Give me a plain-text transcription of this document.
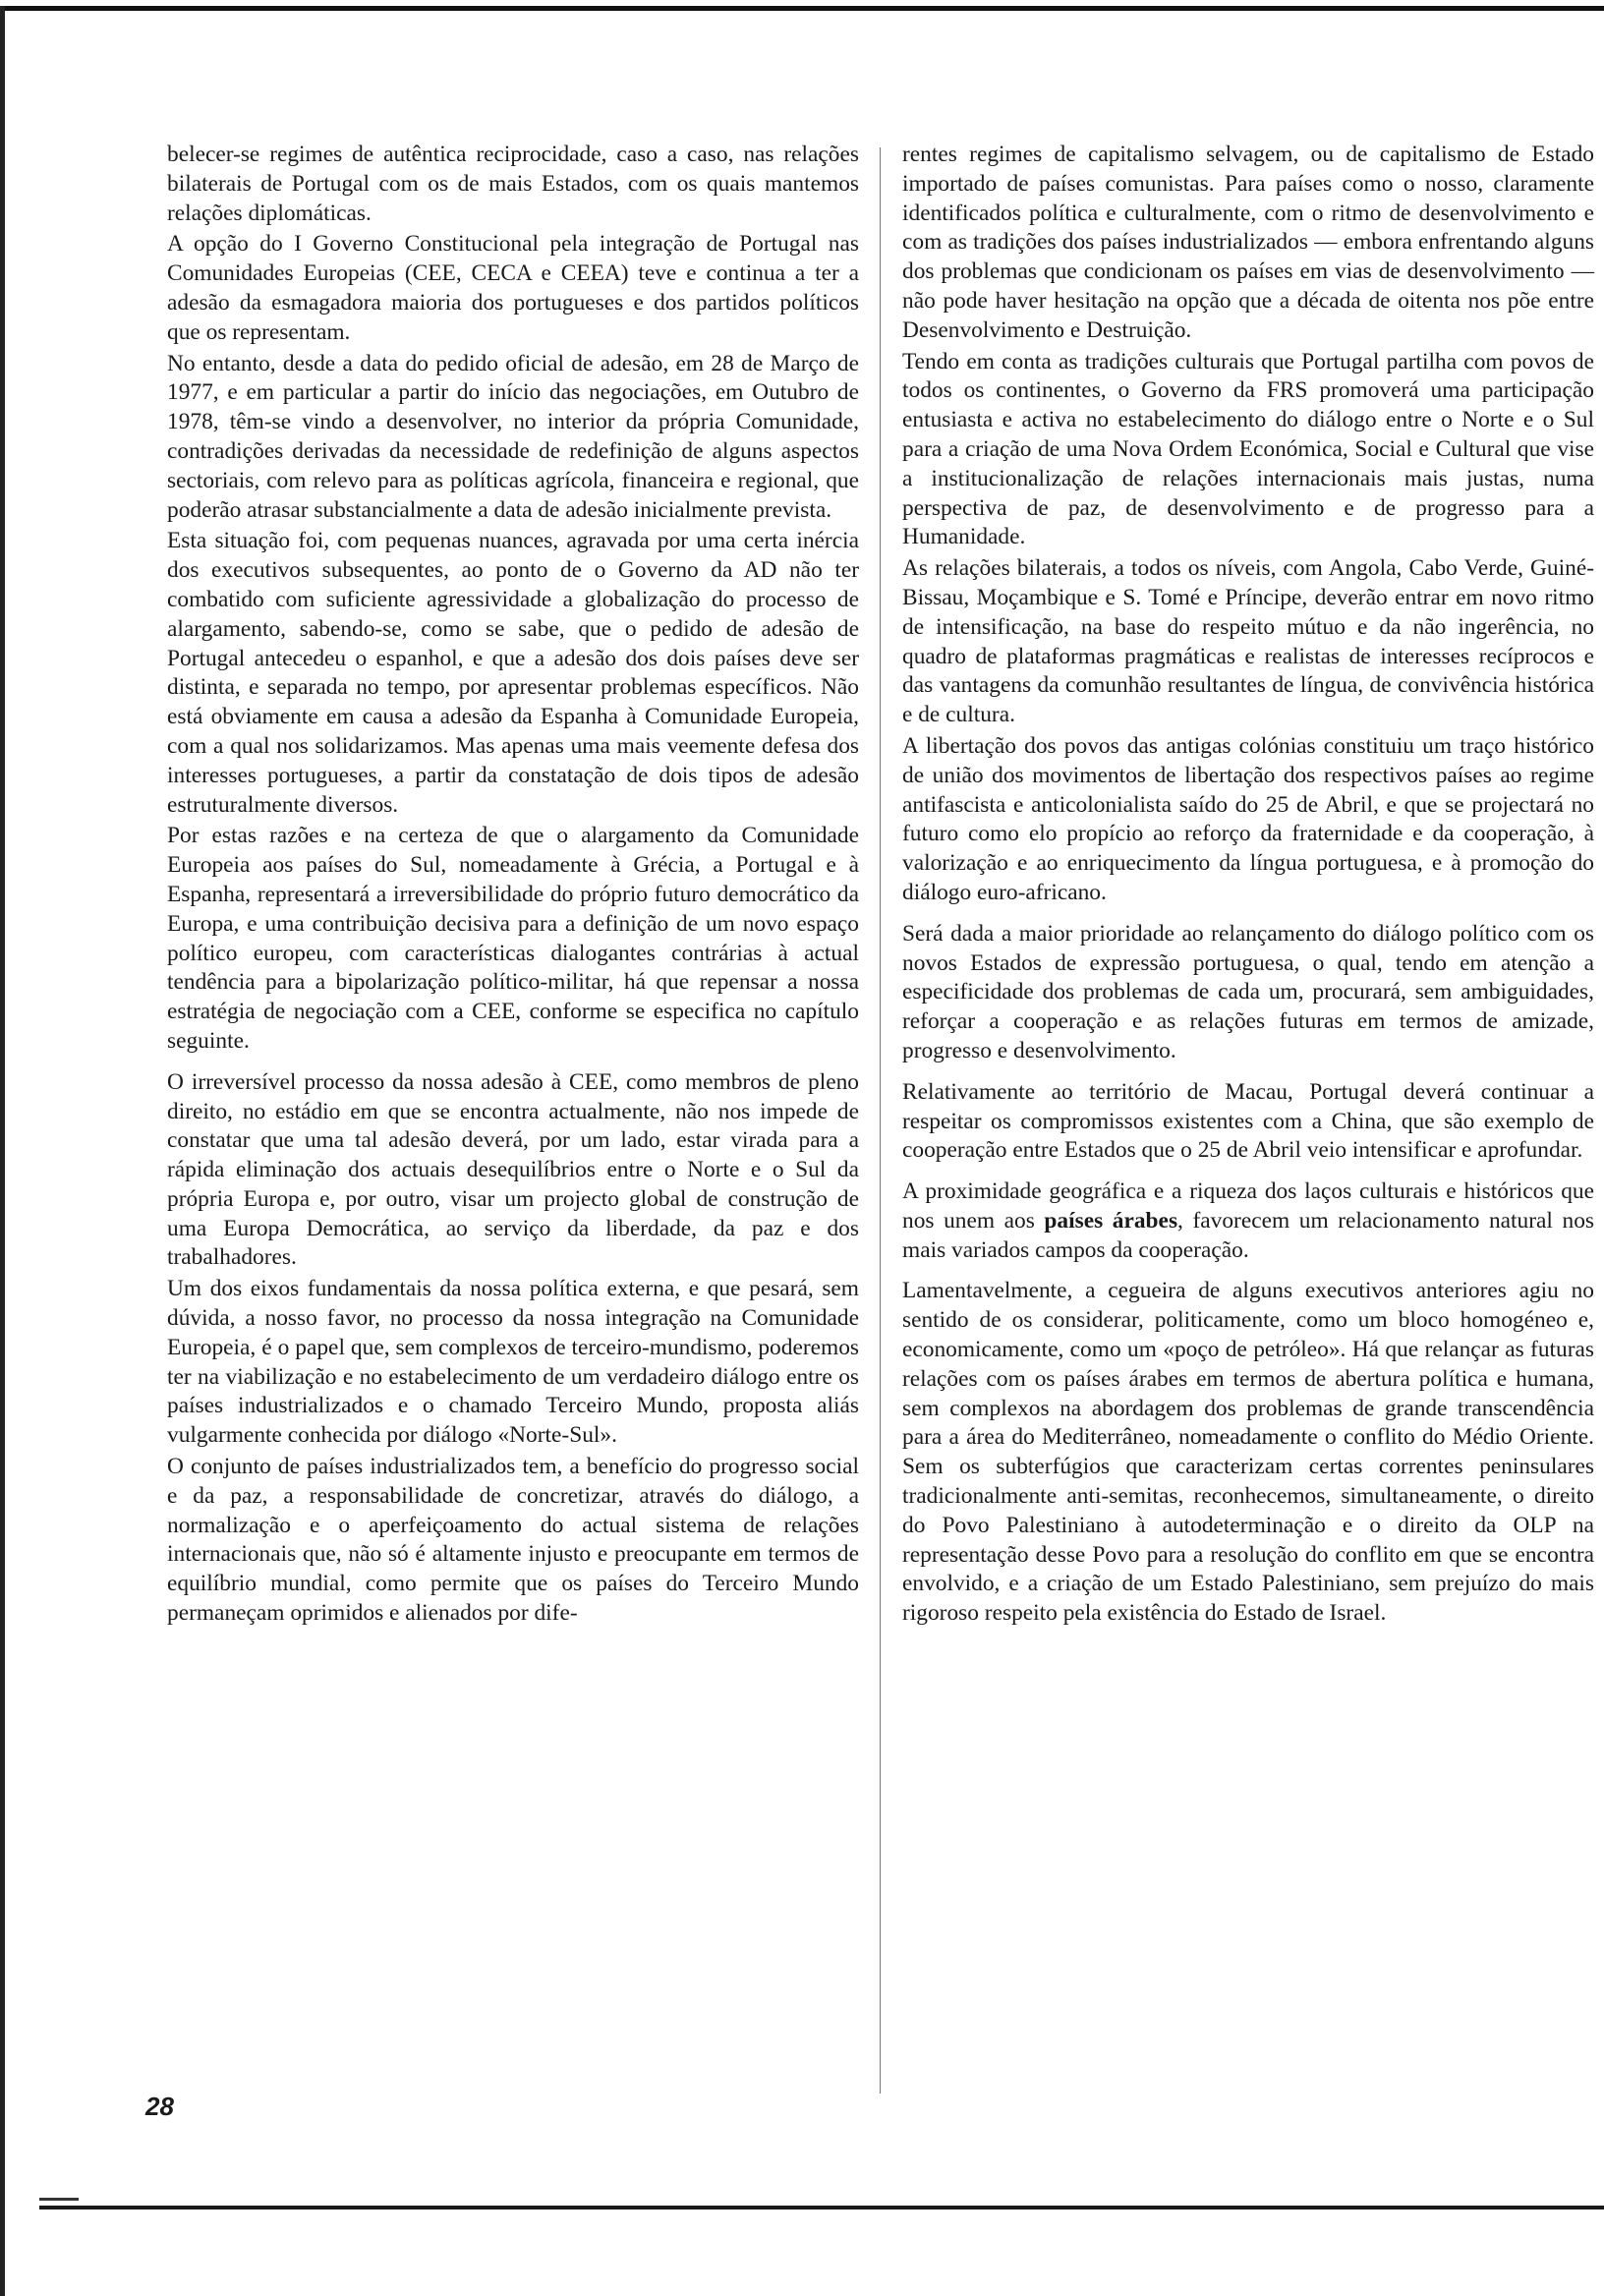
belecer-se regimes de autêntica reciprocidade, caso a caso, nas relações bilaterais de Portugal com os de mais Estados, com os quais mantemos relações diplomáticas.

A opção do I Governo Constitucional pela integração de Portugal nas Comunidades Europeias (CEE, CECA e CEEA) teve e continua a ter a adesão da esmagadora maioria dos portugueses e dos partidos políticos que os representam.

No entanto, desde a data do pedido oficial de adesão, em 28 de Março de 1977, e em particular a partir do início das negociações, em Outubro de 1978, têm-se vindo a desenvolver, no interior da própria Comunidade, contradições derivadas da necessidade de redefinição de alguns aspectos sectoriais, com relevo para as políticas agrícola, financeira e regional, que poderão atrasar substancialmente a data de adesão inicialmente prevista.

Esta situação foi, com pequenas nuances, agravada por uma certa inércia dos executivos subsequentes, ao ponto de o Governo da AD não ter combatido com suficiente agressividade a globalização do processo de alargamento, sabendo-se, como se sabe, que o pedido de adesão de Portugal antecedeu o espanhol, e que a adesão dos dois países deve ser distinta, e separada no tempo, por apresentar problemas específicos. Não está obviamente em causa a adesão da Espanha à Comunidade Europeia, com a qual nos solidarizamos. Mas apenas uma mais veemente defesa dos interesses portugueses, a partir da constatação de dois tipos de adesão estruturalmente diversos.

Por estas razões e na certeza de que o alargamento da Comunidade Europeia aos países do Sul, nomeadamente à Grécia, a Portugal e à Espanha, representará a irreversibilidade do próprio futuro democrático da Europa, e uma contribuição decisiva para a definição de um novo espaço político europeu, com características dialogantes contrárias à actual tendência para a bipolarização político-militar, há que repensar a nossa estratégia de negociação com a CEE, conforme se especifica no capítulo seguinte.

O irreversível processo da nossa adesão à CEE, como membros de pleno direito, no estádio em que se encontra actualmente, não nos impede de constatar que uma tal adesão deverá, por um lado, estar virada para a rápida eliminação dos actuais desequilíbrios entre o Norte e o Sul da própria Europa e, por outro, visar um projecto global de construção de uma Europa Democrática, ao serviço da liberdade, da paz e dos trabalhadores.

Um dos eixos fundamentais da nossa política externa, e que pesará, sem dúvida, a nosso favor, no processo da nossa integração na Comunidade Europeia, é o papel que, sem complexos de terceiro-mundismo, poderemos ter na viabilização e no estabelecimento de um verdadeiro diálogo entre os países industrializados e o chamado Terceiro Mundo, proposta aliás vulgarmente conhecida por diálogo «Norte-Sul».

O conjunto de países industrializados tem, a benefício do progresso social e da paz, a responsabilidade de concretizar, através do diálogo, a normalização e o aperfeiçoamento do actual sistema de relações internacionais que, não só é altamente injusto e preocupante em termos de equilíbrio mundial, como permite que os países do Terceiro Mundo permaneçam oprimidos e alienados por dife-

rentes regimes de capitalismo selvagem, ou de capitalismo de Estado importado de países comunistas. Para países como o nosso, claramente identificados política e culturalmente, com o ritmo de desenvolvimento e com as tradições dos países industrializados — embora enfrentando alguns dos problemas que condicionam os países em vias de desenvolvimento — não pode haver hesitação na opção que a década de oitenta nos põe entre Desenvolvimento e Destruição.

Tendo em conta as tradições culturais que Portugal partilha com povos de todos os continentes, o Governo da FRS promoverá uma participação entusiasta e activa no estabelecimento do diálogo entre o Norte e o Sul para a criação de uma Nova Ordem Económica, Social e Cultural que vise a institucionalização de relações internacionais mais justas, numa perspectiva de paz, de desenvolvimento e de progresso para a Humanidade.

As relações bilaterais, a todos os níveis, com Angola, Cabo Verde, Guiné-Bissau, Moçambique e S. Tomé e Príncipe, deverão entrar em novo ritmo de intensificação, na base do respeito mútuo e da não ingerência, no quadro de plataformas pragmáticas e realistas de interesses recíprocos e das vantagens da comunhão resultantes de língua, de convivência histórica e de cultura.

A libertação dos povos das antigas colónias constituiu um traço histórico de união dos movimentos de libertação dos respectivos países ao regime antifascista e anticolonialista saído do 25 de Abril, e que se projectará no futuro como elo propício ao reforço da fraternidade e da cooperação, à valorização e ao enriquecimento da língua portuguesa, e à promoção do diálogo euro-africano.

Será dada a maior prioridade ao relançamento do diálogo político com os novos Estados de expressão portuguesa, o qual, tendo em atenção a especificidade dos problemas de cada um, procurará, sem ambiguidades, reforçar a cooperação e as relações futuras em termos de amizade, progresso e desenvolvimento.

Relativamente ao território de Macau, Portugal deverá continuar a respeitar os compromissos existentes com a China, que são exemplo de cooperação entre Estados que o 25 de Abril veio intensificar e aprofundar.

A proximidade geográfica e a riqueza dos laços culturais e históricos que nos unem aos países árabes, favorecem um relacionamento natural nos mais variados campos da cooperação.

Lamentavelmente, a cegueira de alguns executivos anteriores agiu no sentido de os considerar, politicamente, como um bloco homogéneo e, economicamente, como um «poço de petróleo». Há que relançar as futuras relações com os países árabes em termos de abertura política e humana, sem complexos na abordagem dos problemas de grande transcendência para a área do Mediterrâneo, nomeadamente o conflito do Médio Oriente. Sem os subterfúgios que caracterizam certas correntes peninsulares tradicionalmente anti-semitas, reconhecemos, simultaneamente, o direito do Povo Palestiniano à autodeterminação e o direito da OLP na representação desse Povo para a resolução do conflito em que se encontra envolvido, e a criação de um Estado Palestiniano, sem prejuízo do mais rigoroso respeito pela existência do Estado de Israel.

28
